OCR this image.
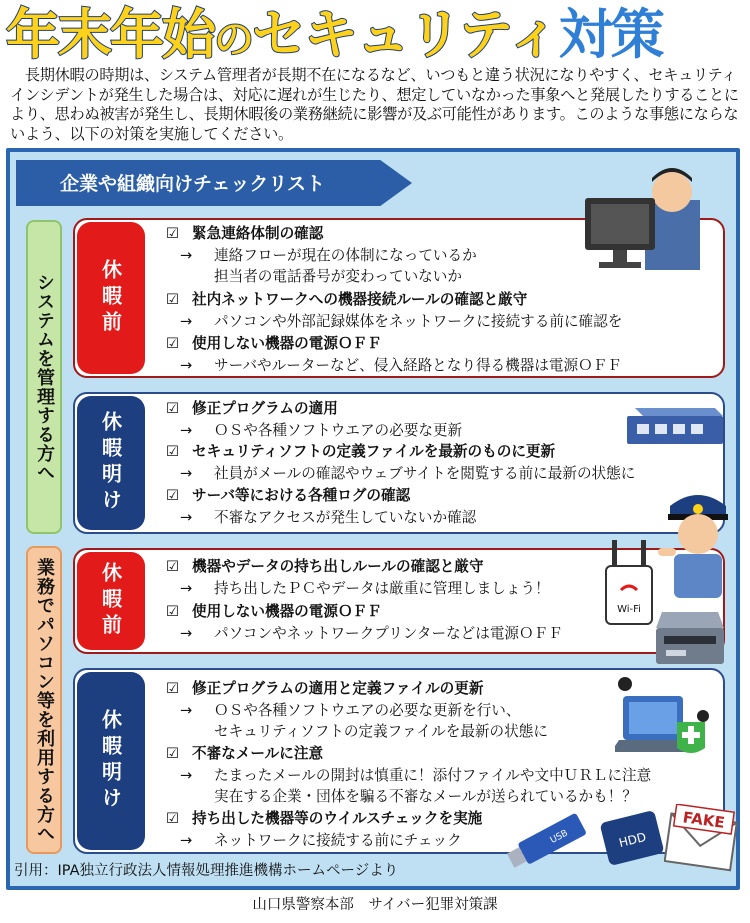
年末年始のセキュリティ対策
　長期休暇の時期は、システム管理者が長期不在になるなど、いつもと違う状況になりやすく、セキュリティインシデントが発生した場合は、対応に遅れが生じたり、想定していなかった事象へと発展したりすることにより、思わぬ被害が発生し、長期休暇後の業務継続に影響が及ぶ可能性があります。このような事態にならないよう、以下の対策を実施してください。
企業や組織向けチェックリスト
システムを管理する方へ
業務でパソコン等を利用する方へ
休暇前
休暇明け
休暇前
休暇明け
☑ 緊急連絡体制の確認
→ 連絡フローが現在の体制になっているか
担当者の電話番号が変わっていないか
☑ 社内ネットワークへの機器接続ルールの確認と厳守
→ パソコンや外部記録媒体をネットワークに接続する前に確認を
☑ 使用しない機器の電源ＯＦＦ
→ サーバやルーターなど、侵入経路となり得る機器は電源ＯＦＦ
☑ 修正プログラムの適用
→ ＯＳや各種ソフトウエアの必要な更新
☑ セキュリティソフトの定義ファイルを最新のものに更新
→ 社員がメールの確認やウェブサイトを閲覧する前に最新の状態に
☑ サーバ等における各種ログの確認
→ 不審なアクセスが発生していないか確認
☑ 機器やデータの持ち出しルールの確認と厳守
→ 持ち出したＰＣやデータは厳重に管理しましょう！
☑ 使用しない機器の電源ＯＦＦ
→ パソコンやネットワークプリンターなどは電源ＯＦＦ
☑ 修正プログラムの適用と定義ファイルの更新
→ ＯＳや各種ソフトウエアの必要な更新を行い、
セキュリティソフトの定義ファイルを最新の状態に
☑ 不審なメールに注意
→ たまったメールの開封は慎重に！添付ファイルや文中ＵＲＬに注意
実在する企業・団体を騙る不審なメールが送られているかも！？
☑ 持ち出した機器等のウイルスチェックを実施
→ ネットワークに接続する前にチェック
Wi-Fi
USB	HDD
FAKE
引用：IPA独立行政法人情報処理推進機構ホームページより
山口県警察本部　サイバー犯罪対策課
